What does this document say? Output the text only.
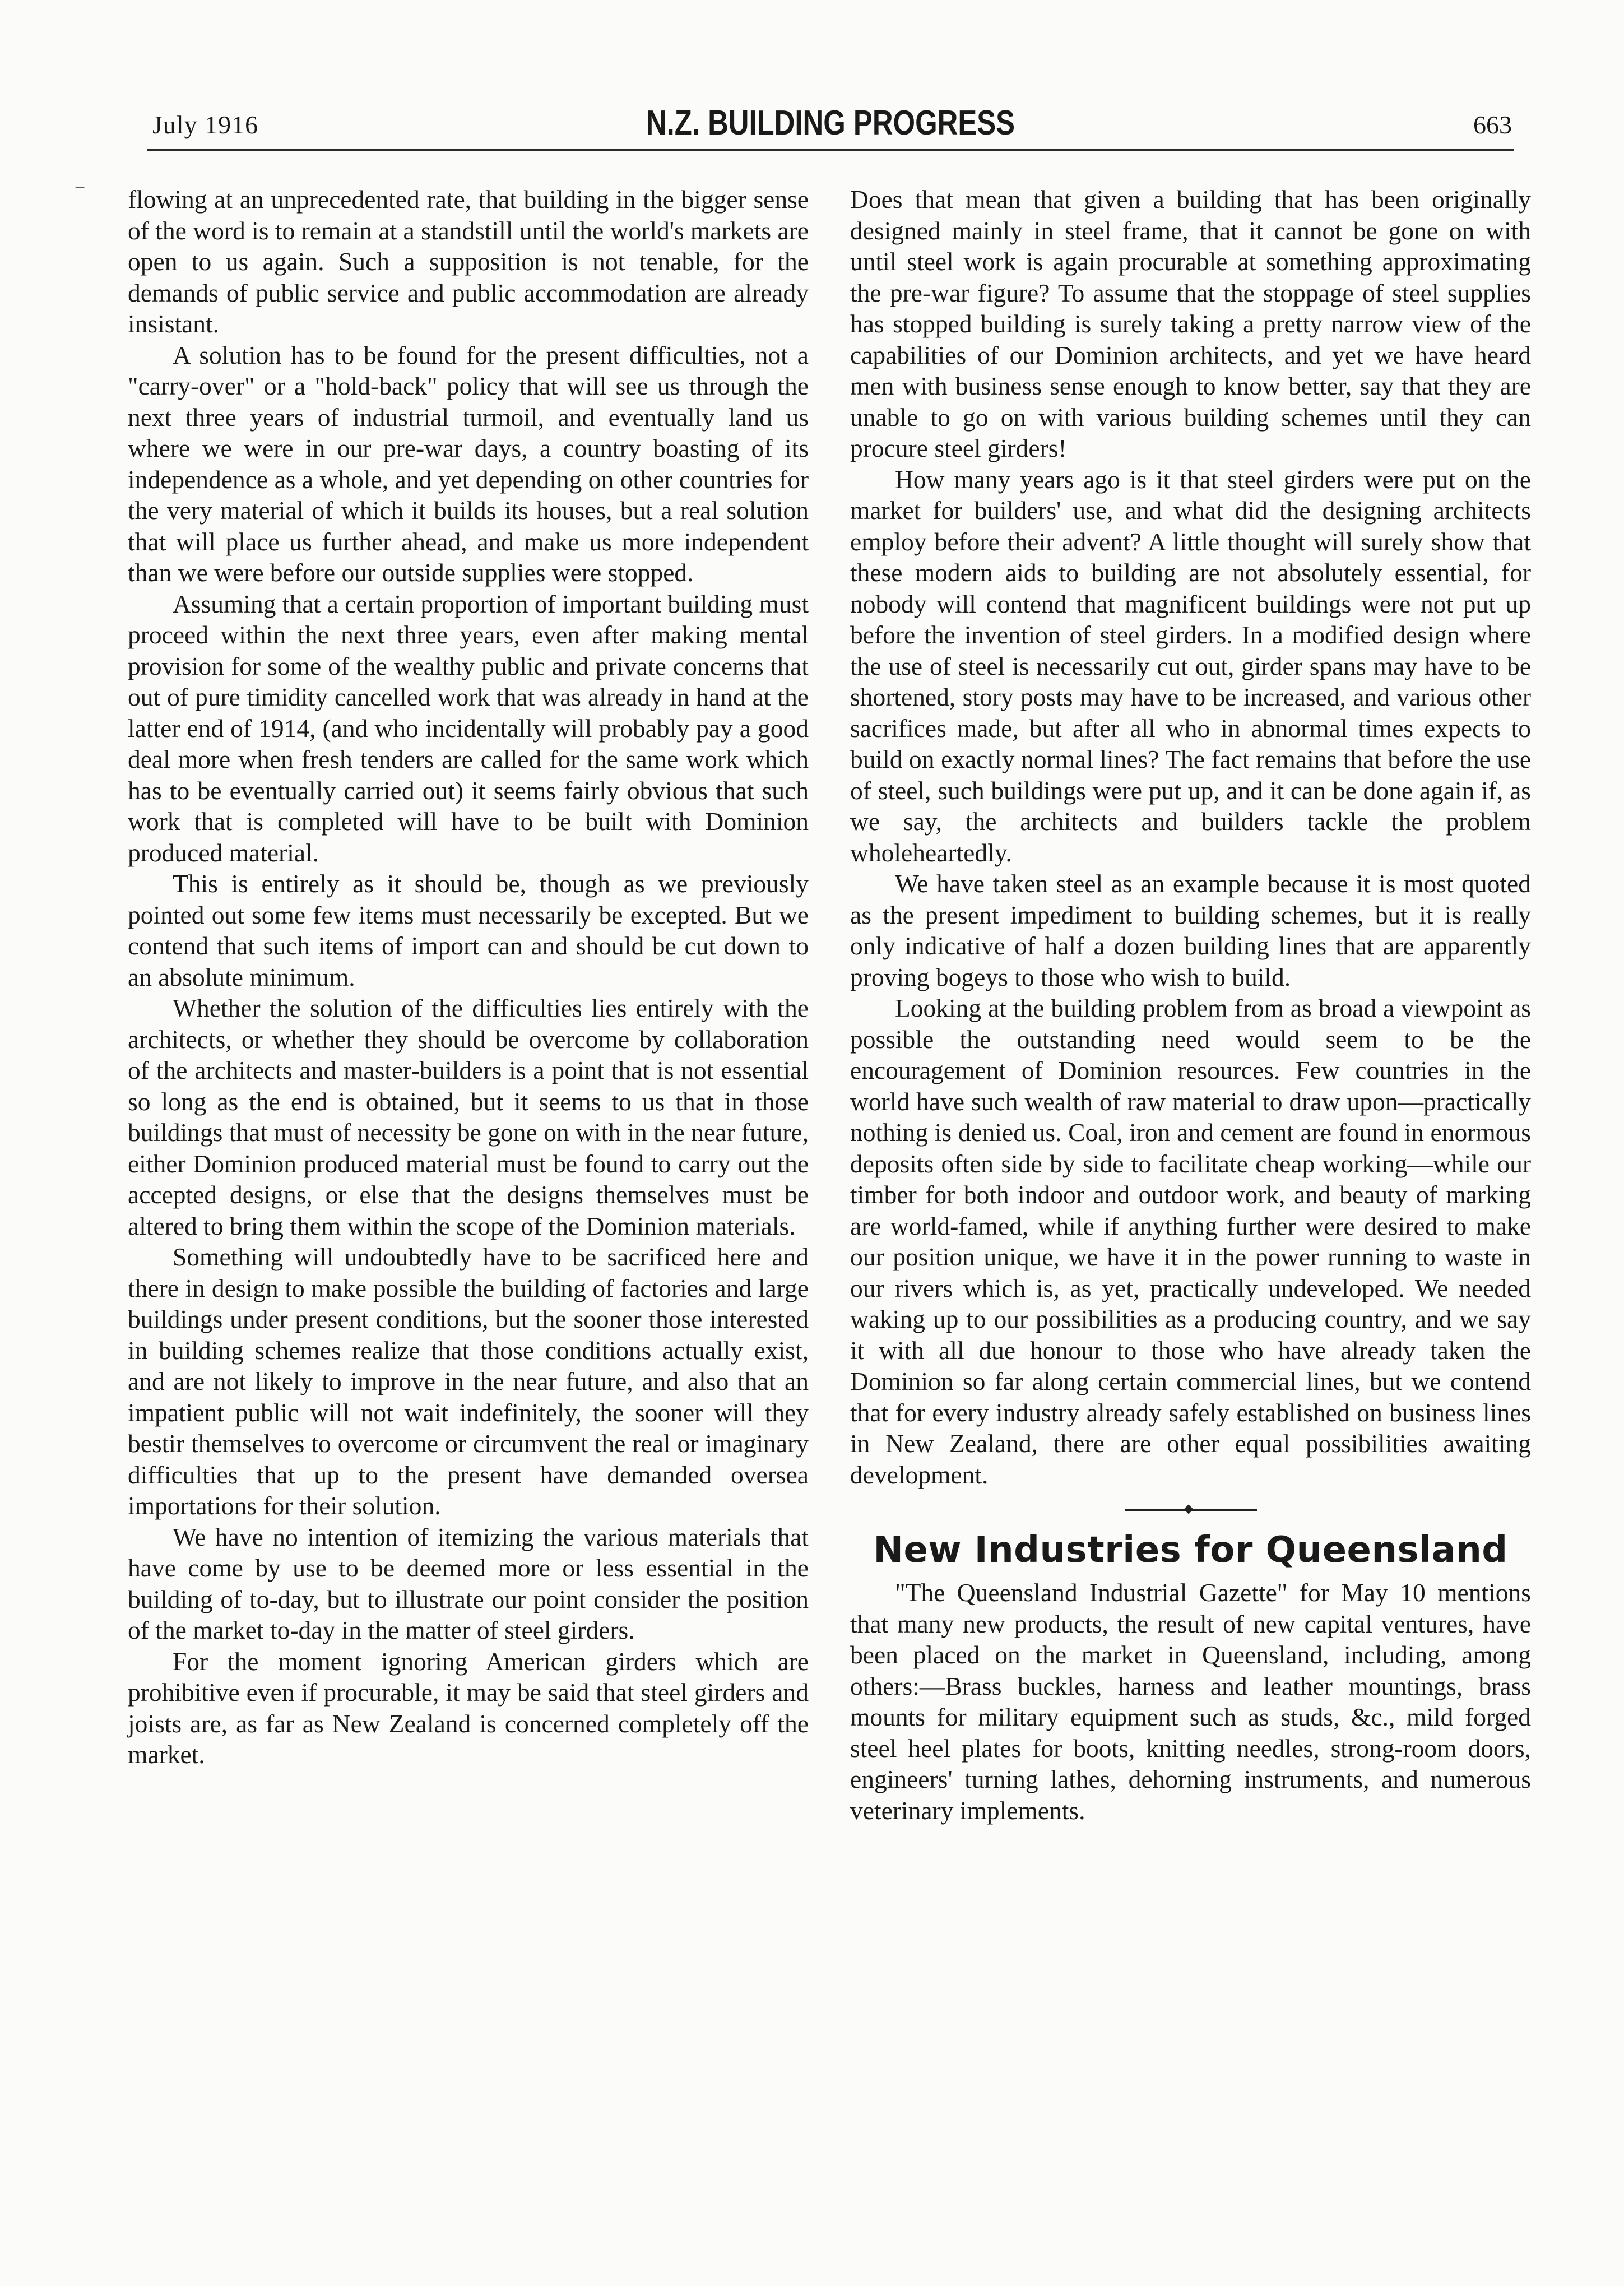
July 1916	N.Z. BUILDING PROGRESS	663
⁻ flowing at an unprecedented rate, that building in the bigger sense of the word is to remain at a standstill until the world's markets are open to us again. Such a supposition is not tenable, for the demands of public service and public accommodation are already insistant.

A solution has to be found for the present difficulties, not a "carry-over" or a "hold-back" policy that will see us through the next three years of industrial turmoil, and eventually land us where we were in our pre-war days, a country boasting of its independence as a whole, and yet depending on other countries for the very material of which it builds its houses, but a real solution that will place us further ahead, and make us more independent than we were before our outside supplies were stopped.

Assuming that a certain proportion of important building must proceed within the next three years, even after making mental provision for some of the wealthy public and private concerns that out of pure timidity cancelled work that was already in hand at the latter end of 1914, (and who incidentally will probably pay a good deal more when fresh tenders are called for the same work which has to be eventually carried out) it seems fairly obvious that such work that is completed will have to be built with Dominion produced material.

This is entirely as it should be, though as we previously pointed out some few items must necessarily be excepted. But we contend that such items of import can and should be cut down to an absolute minimum.

Whether the solution of the difficulties lies entirely with the architects, or whether they should be overcome by collaboration of the architects and master-builders is a point that is not essential so long as the end is obtained, but it seems to us that in those buildings that must of necessity be gone on with in the near future, either Dominion produced material must be found to carry out the accepted designs, or else that the designs themselves must be altered to bring them within the scope of the Dominion materials.

Something will undoubtedly have to be sacrificed here and there in design to make possible the building of factories and large buildings under present conditions, but the sooner those interested in building schemes realize that those conditions actually exist, and are not likely to improve in the near future, and also that an impatient public will not wait indefinitely, the sooner will they bestir themselves to overcome or circumvent the real or imaginary difficulties that up to the present have demanded oversea importations for their solution.

We have no intention of itemizing the various materials that have come by use to be deemed more or less essential in the building of to-day, but to illustrate our point consider the position of the market to-day in the matter of steel girders.

For the moment ignoring American girders which are prohibitive even if procurable, it may be said that steel girders and joists are, as far as New Zealand is concerned completely off the market.

Does that mean that given a building that has been originally designed mainly in steel frame, that it cannot be gone on with until steel work is again procurable at something approximating the pre-war figure? To assume that the stoppage of steel supplies has stopped building is surely taking a pretty narrow view of the capabilities of our Dominion architects, and yet we have heard men with business sense enough to know better, say that they are unable to go on with various building schemes until they can procure steel girders!

How many years ago is it that steel girders were put on the market for builders' use, and what did the designing architects employ before their advent? A little thought will surely show that these modern aids to building are not absolutely essential, for nobody will contend that magnificent buildings were not put up before the invention of steel girders. In a modified design where the use of steel is necessarily cut out, girder spans may have to be shortened, story posts may have to be increased, and various other sacrifices made, but after all who in abnormal times expects to build on exactly normal lines? The fact remains that before the use of steel, such buildings were put up, and it can be done again if, as we say, the architects and builders tackle the problem wholeheartedly.

We have taken steel as an example because it is most quoted as the present impediment to building schemes, but it is really only indicative of half a dozen building lines that are apparently proving bogeys to those who wish to build.

Looking at the building problem from as broad a viewpoint as possible the outstanding need would seem to be the encouragement of Dominion resources. Few countries in the world have such wealth of raw material to draw upon—practically nothing is denied us. Coal, iron and cement are found in enormous deposits often side by side to facilitate cheap working—while our timber for both indoor and outdoor work, and beauty of marking are world-famed, while if anything further were desired to make our position unique, we have it in the power running to waste in our rivers which is, as yet, practically undeveloped. We needed waking up to our possibilities as a producing country, and we say it with all due honour to those who have already taken the Dominion so far along certain commercial lines, but we contend that for every industry already safely established on business lines in New Zealand, there are other equal possibilities awaiting development.

New Industries for Queensland

"The Queensland Industrial Gazette" for May 10 mentions that many new products, the result of new capital ventures, have been placed on the market in Queensland, including, among others:—Brass buckles, harness and leather mountings, brass mounts for military equipment such as studs, &c., mild forged steel heel plates for boots, knitting needles, strong-room doors, engineers' turning lathes, dehorning instruments, and numerous veterinary implements.
